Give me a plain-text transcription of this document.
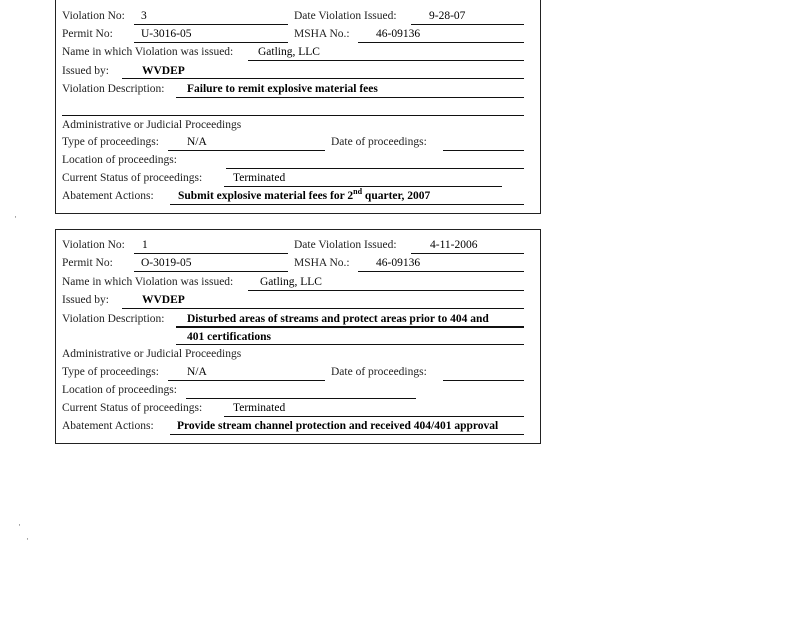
Violation No: 3	Date Violation Issued:	9-28-07
Permit No: U-3016-05	MSHA No.: 46-09136
Name in which Violation was issued: Gatling, LLC
Issued by:	WVDEP
Violation Description: Failure to remit explosive material fees
Administrative or Judicial Proceedings
Type of proceedings: N/A	Date of proceedings:
Location of proceedings:
Current Status of proceedings:	Terminated
Abatement Actions: Submit explosive material fees for 2nd quarter, 2007
Violation No: 1	Date Violation Issued:	4-11-2006
Permit No: O-3019-05	MSHA No.: 46-09136
Name in which Violation was issued: Gatling, LLC
Issued by:	WVDEP
Violation Description: Disturbed areas of streams and protect areas prior to 404 and
401 certifications
Administrative or Judicial Proceedings
Type of proceedings: N/A	Date of proceedings:
Location of proceedings:
Current Status of proceedings:	Terminated
Abatement Actions: Provide stream channel protection and received 404/401 approval
·
·
·
